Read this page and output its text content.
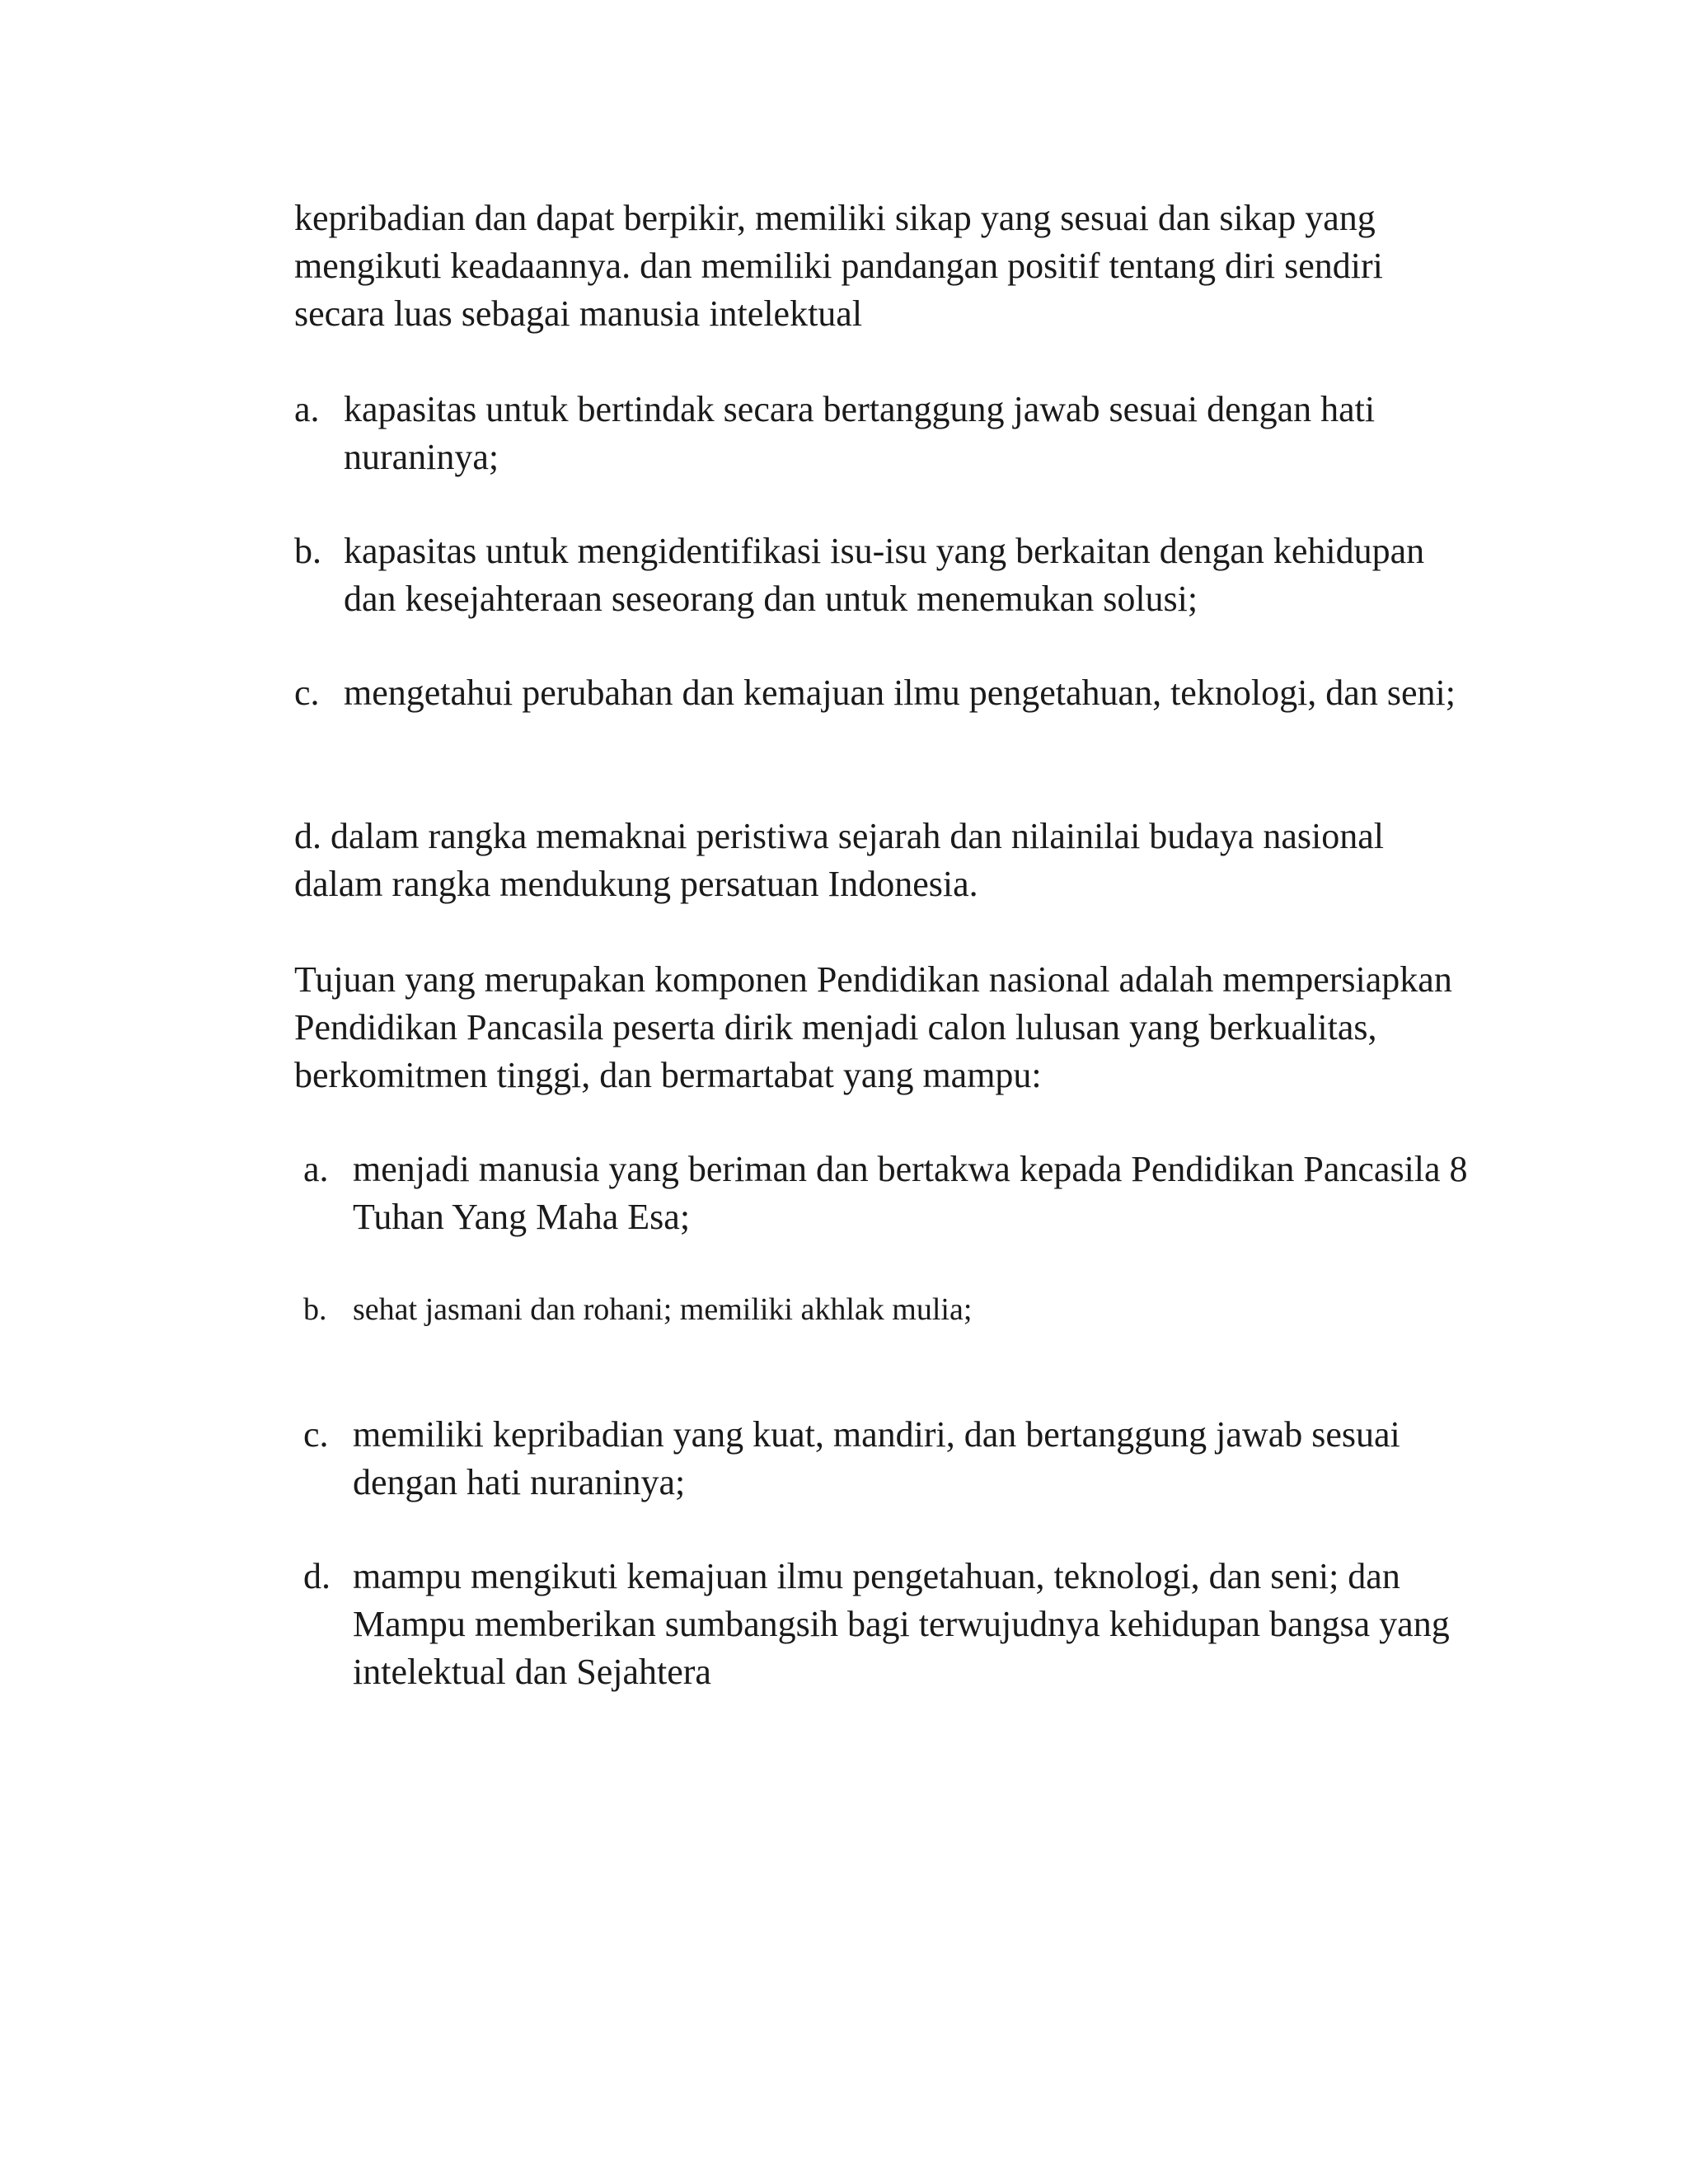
kepribadian dan dapat berpikir, memiliki sikap yang sesuai dan sikap yang mengikuti keadaannya. dan memiliki pandangan positif tentang diri sendiri secara luas sebagai manusia intelektual

a. kapasitas untuk bertindak secara bertanggung jawab sesuai dengan hati nuraninya;
b. kapasitas untuk mengidentifikasi isu-isu yang berkaitan dengan kehidupan dan kesejahteraan seseorang dan untuk menemukan solusi;
c. mengetahui perubahan dan kemajuan ilmu pengetahuan, teknologi, dan seni;

d. dalam rangka memaknai peristiwa sejarah dan nilainilai budaya nasional dalam rangka mendukung persatuan Indonesia.

Tujuan yang merupakan komponen Pendidikan nasional adalah mempersiapkan Pendidikan Pancasila peserta dirik menjadi calon lulusan yang berkualitas, berkomitmen tinggi, dan bermartabat yang mampu:

a. menjadi manusia yang beriman dan bertakwa kepada Pendidikan Pancasila 8 Tuhan Yang Maha Esa;
b. sehat jasmani dan rohani; memiliki akhlak mulia;
c. memiliki kepribadian yang kuat, mandiri, dan bertanggung jawab sesuai dengan hati nuraninya;
d. mampu mengikuti kemajuan ilmu pengetahuan, teknologi, dan seni; dan Mampu memberikan sumbangsih bagi terwujudnya kehidupan bangsa yang intelektual dan Sejahtera
